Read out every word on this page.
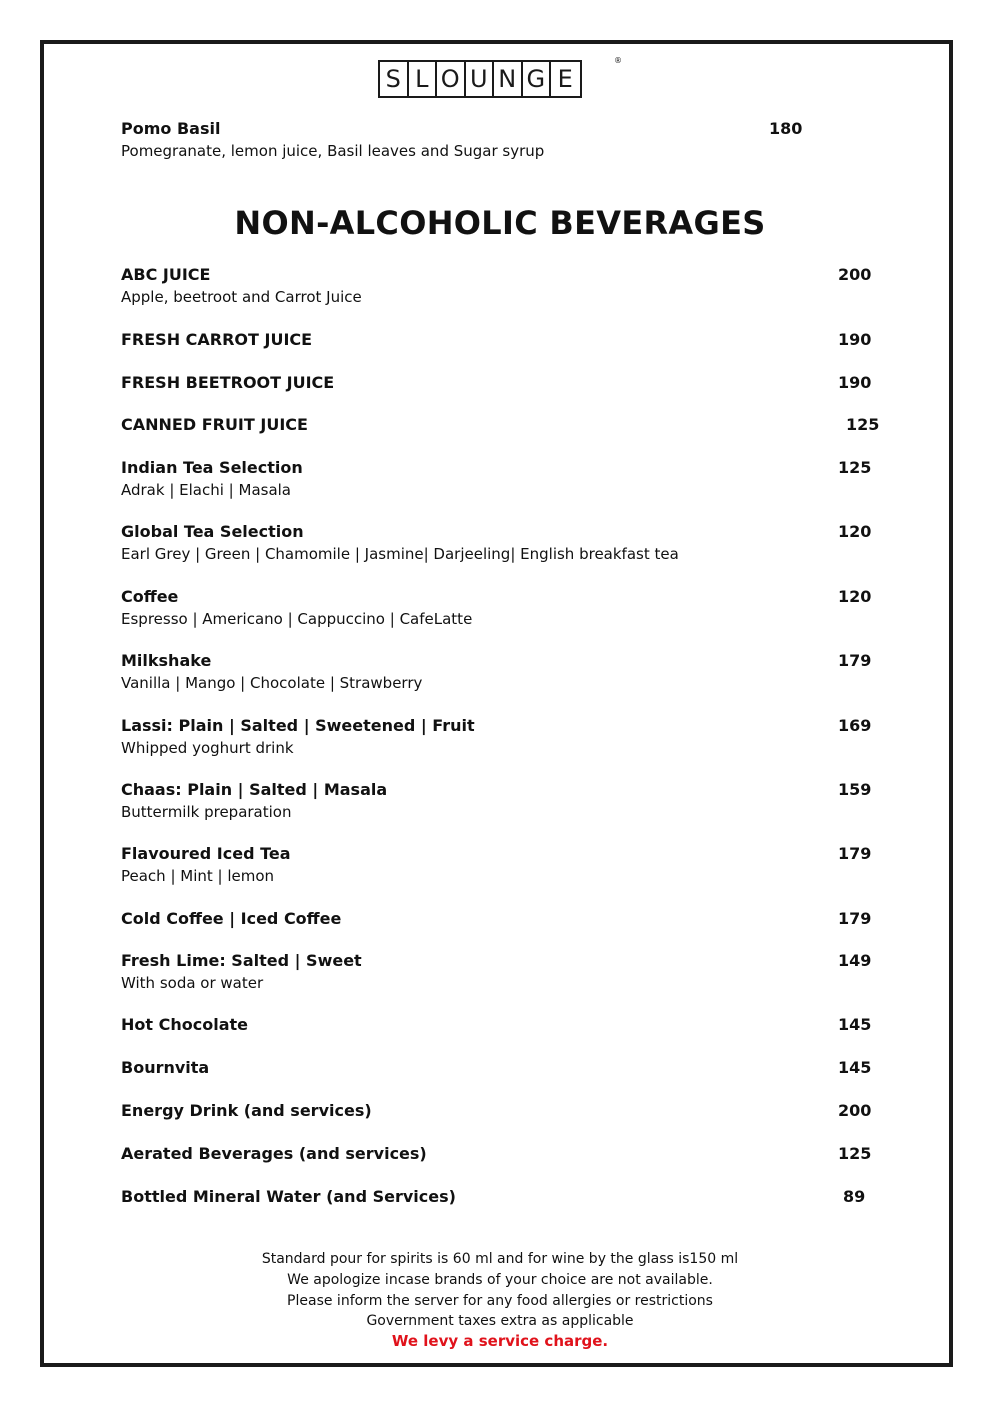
S L O U N G E
®
Pomo Basil	180
Pomegranate, lemon juice, Basil leaves and Sugar syrup
NON-ALCOHOLIC BEVERAGES
ABC JUICE	200
Apple, beetroot and Carrot Juice
FRESH CARROT JUICE	190
FRESH BEETROOT JUICE	190
CANNED FRUIT JUICE	125
Indian Tea Selection	125
Adrak | Elachi | Masala
Global Tea Selection	120
Earl Grey | Green | Chamomile | Jasmine| Darjeeling| English breakfast tea
Coffee	120
Espresso | Americano | Cappuccino | CafeLatte
Milkshake	179
Vanilla | Mango | Chocolate | Strawberry
Lassi: Plain | Salted | Sweetened | Fruit	169
Whipped yoghurt drink
Chaas: Plain | Salted | Masala	159
Buttermilk preparation
Flavoured Iced Tea	179
Peach | Mint | lemon
Cold Coffee | Iced Coffee	179
Fresh Lime: Salted | Sweet	149
With soda or water
Hot Chocolate	145
Bournvita	145
Energy Drink (and services)	200
Aerated Beverages (and services)	125
Bottled Mineral Water (and Services)	89
Standard pour for spirits is 60 ml and for wine by the glass is150 ml
We apologize incase brands of your choice are not available.
Please inform the server for any food allergies or restrictions
Government taxes extra as applicable
We levy a service charge.
